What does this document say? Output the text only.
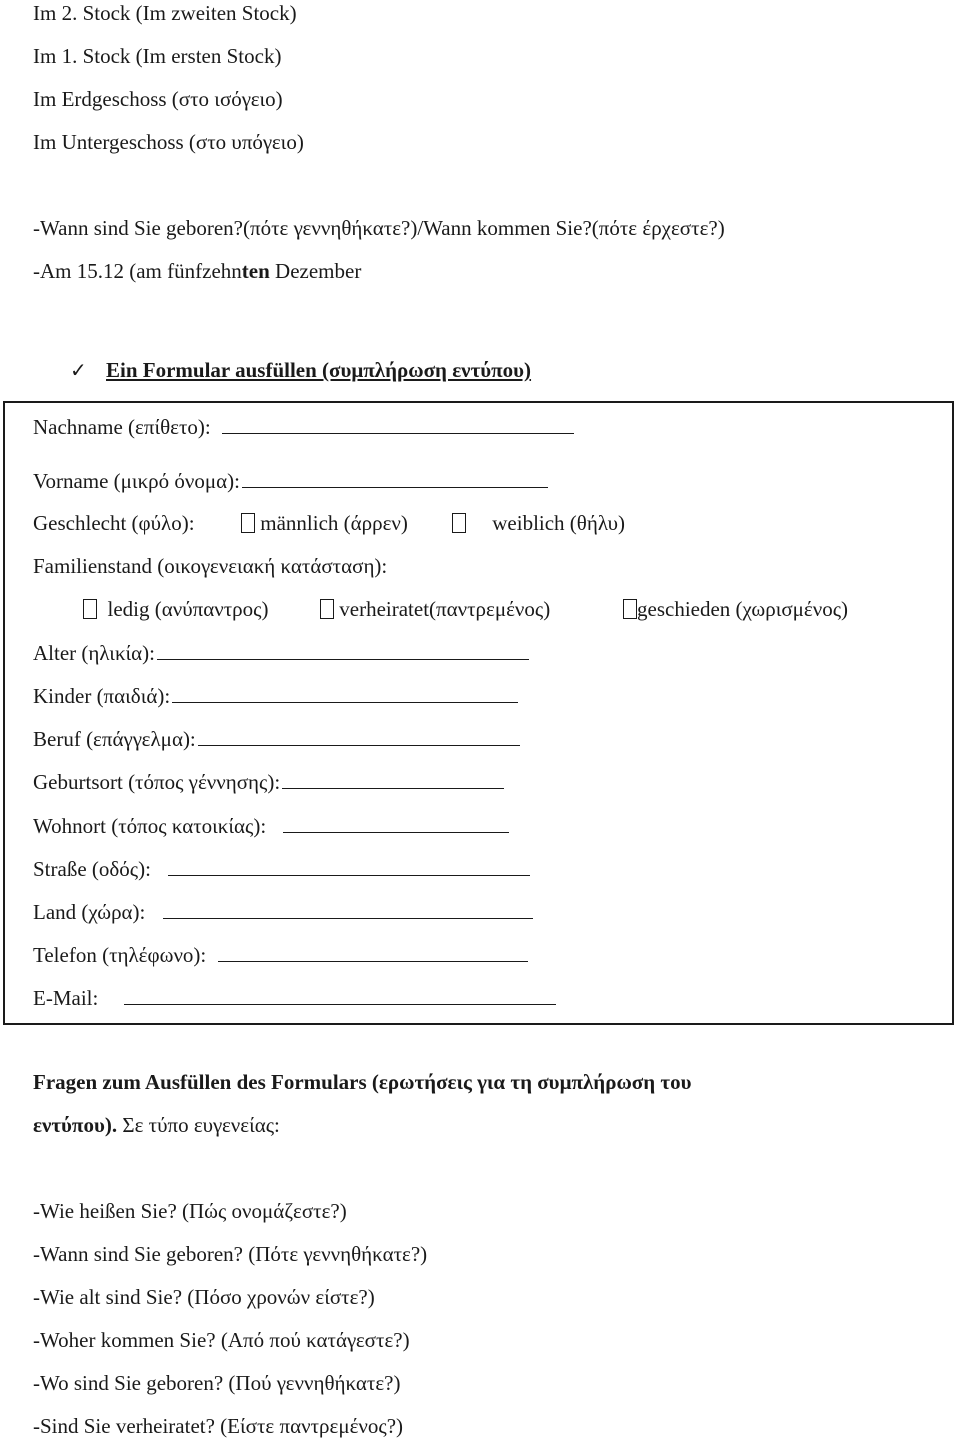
Im 2. Stock (Im zweiten Stock)
Im 1. Stock (Im ersten Stock)
Im Erdgeschoss (στο ισόγειο)
Im Untergeschoss (στο υπόγειο)
-Wann sind Sie geboren?(πότε γεννηθήκατε?)/Wann kommen Sie?(πότε έρχεστε?)
-Am 15.12 (am fünfzehnten Dezember
✓ Ein Formular ausfüllen (συμπλήρωση εντύπου)
Nachname (επίθετο):
Vorname (μικρό όνομα):
Geschlecht (φύλο):	männlich (άρρεν)	weiblich (θήλυ)
Familienstand (οικογενειακή κατάσταση):
ledig (ανύπαντρος)	verheiratet(παντρεμένος)	geschieden (χωρισμένος)
Alter (ηλικία):
Kinder (παιδιά):
Beruf (επάγγελμα):
Geburtsort (τόπος γέννησης):
Wohnort (τόπος κατοικίας):
Straße (οδός):
Land (χώρα):
Telefon (τηλέφωνο):
E-Mail:
Fragen zum Ausfüllen des Formulars (ερωτήσεις για τη συμπλήρωση του
εντύπου). Σε τύπο ευγενείας:
-Wie heißen Sie? (Πώς ονομάζεστε?)
-Wann sind Sie geboren? (Πότε γεννηθήκατε?)
-Wie alt sind Sie? (Πόσο χρονών είστε?)
-Woher kommen Sie? (Από πού κατάγεστε?)
-Wo sind Sie geboren? (Πού γεννηθήκατε?)
-Sind Sie verheiratet? (Είστε παντρεμένος?)
